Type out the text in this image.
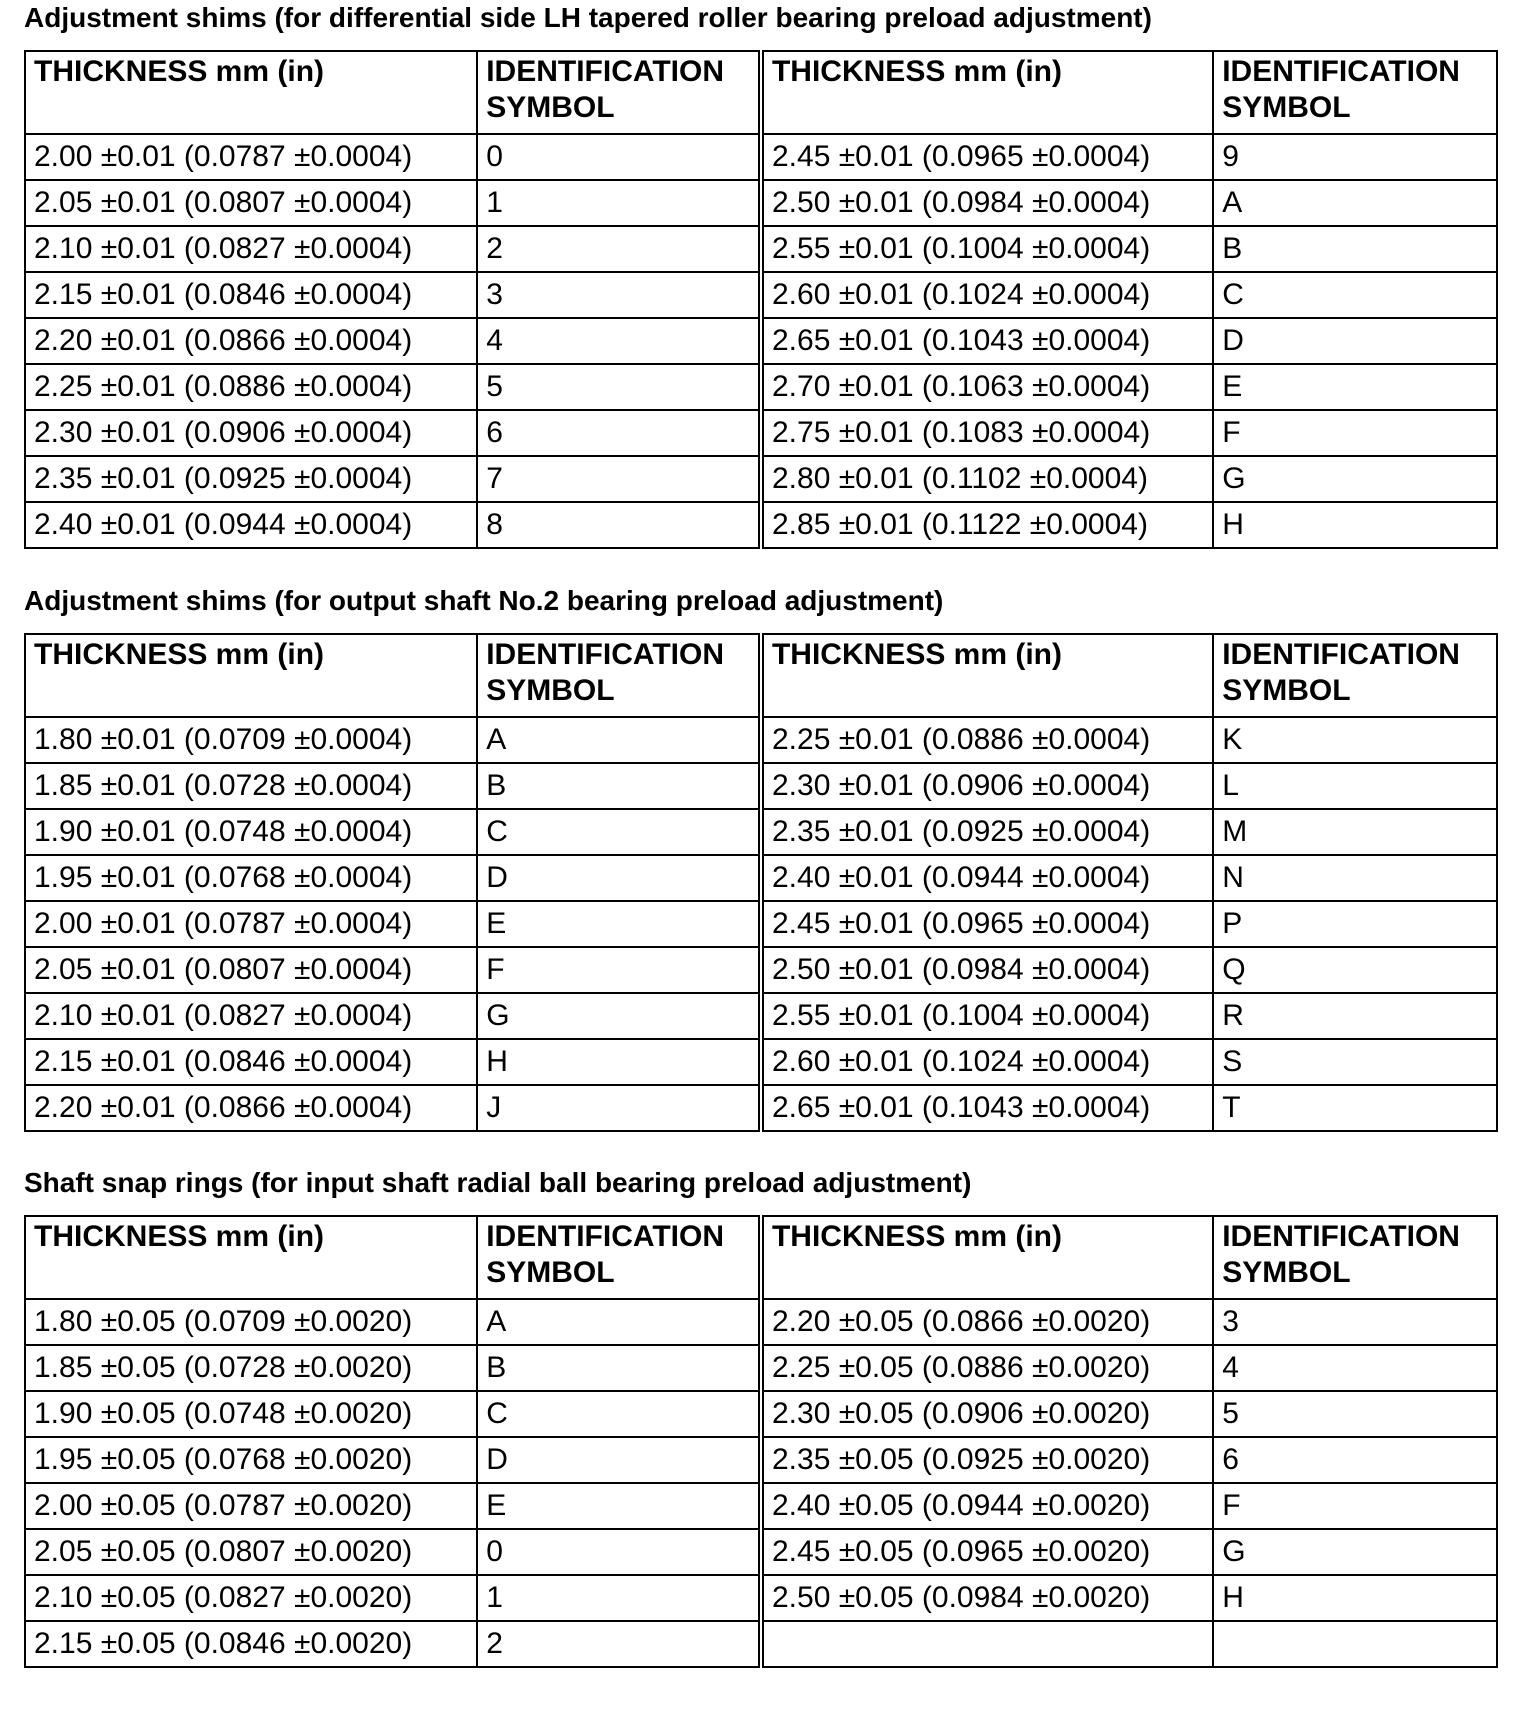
Adjustment shims (for differential side LH tapered roller bearing preload adjustment)
THICKNESS mm (in)	IDENTIFICATION SYMBOL	THICKNESS mm (in)	IDENTIFICATION SYMBOL
2.00 ±0.01 (0.0787 ±0.0004)	0	2.45 ±0.01 (0.0965 ±0.0004)	9
2.05 ±0.01 (0.0807 ±0.0004)	1	2.50 ±0.01 (0.0984 ±0.0004)	A
2.10 ±0.01 (0.0827 ±0.0004)	2	2.55 ±0.01 (0.1004 ±0.0004)	B
2.15 ±0.01 (0.0846 ±0.0004)	3	2.60 ±0.01 (0.1024 ±0.0004)	C
2.20 ±0.01 (0.0866 ±0.0004)	4	2.65 ±0.01 (0.1043 ±0.0004)	D
2.25 ±0.01 (0.0886 ±0.0004)	5	2.70 ±0.01 (0.1063 ±0.0004)	E
2.30 ±0.01 (0.0906 ±0.0004)	6	2.75 ±0.01 (0.1083 ±0.0004)	F
2.35 ±0.01 (0.0925 ±0.0004)	7	2.80 ±0.01 (0.1102 ±0.0004)	G
2.40 ±0.01 (0.0944 ±0.0004)	8	2.85 ±0.01 (0.1122 ±0.0004)	H
Adjustment shims (for output shaft No.2 bearing preload adjustment)
THICKNESS mm (in)	IDENTIFICATION SYMBOL	THICKNESS mm (in)	IDENTIFICATION SYMBOL
1.80 ±0.01 (0.0709 ±0.0004)	A	2.25 ±0.01 (0.0886 ±0.0004)	K
1.85 ±0.01 (0.0728 ±0.0004)	B	2.30 ±0.01 (0.0906 ±0.0004)	L
1.90 ±0.01 (0.0748 ±0.0004)	C	2.35 ±0.01 (0.0925 ±0.0004)	M
1.95 ±0.01 (0.0768 ±0.0004)	D	2.40 ±0.01 (0.0944 ±0.0004)	N
2.00 ±0.01 (0.0787 ±0.0004)	E	2.45 ±0.01 (0.0965 ±0.0004)	P
2.05 ±0.01 (0.0807 ±0.0004)	F	2.50 ±0.01 (0.0984 ±0.0004)	Q
2.10 ±0.01 (0.0827 ±0.0004)	G	2.55 ±0.01 (0.1004 ±0.0004)	R
2.15 ±0.01 (0.0846 ±0.0004)	H	2.60 ±0.01 (0.1024 ±0.0004)	S
2.20 ±0.01 (0.0866 ±0.0004)	J	2.65 ±0.01 (0.1043 ±0.0004)	T
Shaft snap rings (for input shaft radial ball bearing preload adjustment)
THICKNESS mm (in)	IDENTIFICATION SYMBOL	THICKNESS mm (in)	IDENTIFICATION SYMBOL
1.80 ±0.05 (0.0709 ±0.0020)	A	2.20 ±0.05 (0.0866 ±0.0020)	3
1.85 ±0.05 (0.0728 ±0.0020)	B	2.25 ±0.05 (0.0886 ±0.0020)	4
1.90 ±0.05 (0.0748 ±0.0020)	C	2.30 ±0.05 (0.0906 ±0.0020)	5
1.95 ±0.05 (0.0768 ±0.0020)	D	2.35 ±0.05 (0.0925 ±0.0020)	6
2.00 ±0.05 (0.0787 ±0.0020)	E	2.40 ±0.05 (0.0944 ±0.0020)	F
2.05 ±0.05 (0.0807 ±0.0020)	0	2.45 ±0.05 (0.0965 ±0.0020)	G
2.10 ±0.05 (0.0827 ±0.0020)	1	2.50 ±0.05 (0.0984 ±0.0020)	H
2.15 ±0.05 (0.0846 ±0.0020)	2		
